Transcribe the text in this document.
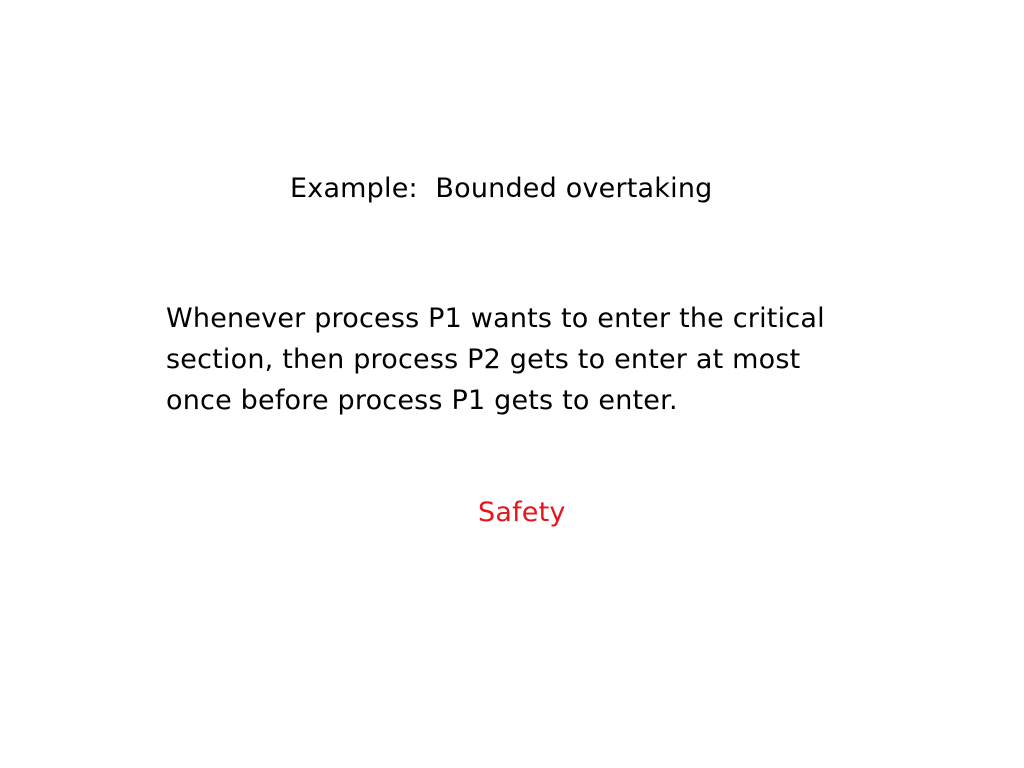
Example:  Bounded overtaking
Whenever process P1 wants to enter the critical
section, then process P2 gets to enter at most
once before process P1 gets to enter.
Safety
